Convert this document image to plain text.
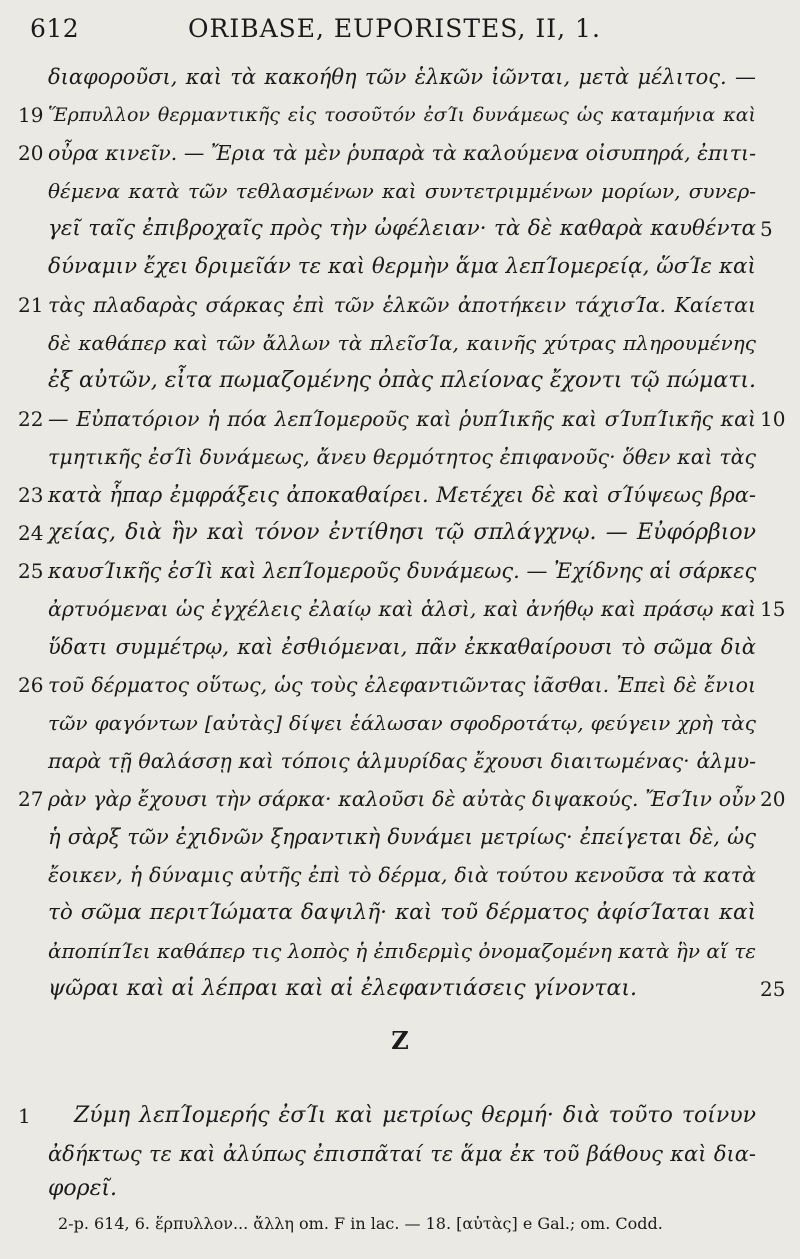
612	ORIBASE, EUPORISTES, II, 1.
διαφοροῦσι, καὶ τὰ κακοήθη τῶν ἑλκῶν ἰῶνται, μετὰ μέλιτος. —
19 Ἕρπυλλον θερμαντικῆς εἰς τοσοῦτόν ἐσΊι δυνάμεως ὡς καταμήνια καὶ
20 οὖρα κινεῖν. — Ἔρια τὰ μὲν ῥυπαρὰ τὰ καλούμενα οἰσυπηρά, ἐπιτι-
θέμενα κατὰ τῶν τεθλασμένων καὶ συντετριμμένων μορίων, συνερ-
γεῖ ταῖς ἐπιβροχαῖς πρὸς τὴν ὠφέλειαν· τὰ δὲ καθαρὰ καυθέντα 5
δύναμιν ἔχει δριμεῖάν τε καὶ θερμὴν ἅμα λεπΊομερείᾳ, ὥσΊε καὶ
21 τὰς πλαδαρὰς σάρκας ἐπὶ τῶν ἑλκῶν ἀποτήκειν τάχισΊα. Καίεται
δὲ καθάπερ καὶ τῶν ἄλλων τὰ πλεῖσΊα, καινῆς χύτρας πληρουμένης
ἐξ αὐτῶν, εἶτα πωμαζομένης ὀπὰς πλείονας ἔχοντι τῷ πώματι.
22 — Εὐπατόριον ἡ πόα λεπΊομεροῦς καὶ ῥυπΊικῆς καὶ σΊυπΊικῆς καὶ 10
τμητικῆς ἐσΊὶ δυνάμεως, ἄνευ θερμότητος ἐπιφανοῦς· ὅθεν καὶ τὰς
23 κατὰ ἧπαρ ἐμφράξεις ἀποκαθαίρει. Μετέχει δὲ καὶ σΊύψεως βρα-
24 χείας, διὰ ἣν καὶ τόνον ἐντίθησι τῷ σπλάγχνῳ. — Εὐφόρβιον
25 καυσΊικῆς ἐσΊὶ καὶ λεπΊομεροῦς δυνάμεως. — Ἐχίδνης αἱ σάρκες
ἀρτυόμεναι ὡς ἐγχέλεις ἐλαίῳ καὶ ἁλσὶ, καὶ ἀνήθῳ καὶ πράσῳ καὶ 15
ὕδατι συμμέτρῳ, καὶ ἐσθιόμεναι, πᾶν ἐκκαθαίρουσι τὸ σῶμα διὰ
26 τοῦ δέρματος οὕτως, ὡς τοὺς ἐλεφαντιῶντας ἰᾶσθαι. Ἐπεὶ δὲ ἔνιοι
τῶν φαγόντων [αὐτὰς] δίψει ἑάλωσαν σφοδροτάτῳ, φεύγειν χρὴ τὰς
παρὰ τῇ θαλάσσῃ καὶ τόποις ἁλμυρίδας ἔχουσι διαιτωμένας· ἁλμυ-
27 ρὰν γὰρ ἔχουσι τὴν σάρκα· καλοῦσι δὲ αὐτὰς διψακούς. ἜσΊιν οὖν 20
ἡ σὰρξ τῶν ἐχιδνῶν ξηραντικὴ δυνάμει μετρίως· ἐπείγεται δὲ, ὡς
ἔοικεν, ἡ δύναμις αὐτῆς ἐπὶ τὸ δέρμα, διὰ τούτου κενοῦσα τὰ κατὰ
τὸ σῶμα περιτΊώματα δαψιλῆ· καὶ τοῦ δέρματος ἀφίσΊαται καὶ
ἀποπίπΊει καθάπερ τις λοπὸς ἡ ἐπιδερμὶς ὀνομαζομένη κατὰ ἣν αἵ τε
ψῶραι καὶ αἱ λέπραι καὶ αἱ ἐλεφαντιάσεις γίνονται.	25
Z
1	Ζύμη λεπΊομερής ἐσΊι καὶ μετρίως θερμή· διὰ τοῦτο τοίνυν
ἀδήκτως τε καὶ ἀλύπως ἐπισπᾶταί τε ἅμα ἐκ τοῦ βάθους καὶ δια-
φορεῖ.
2-p. 614, 6. ἕρπυλλον... ἄλλη om. F in lac. — 18. [αὐτὰς] e Gal.; om. Codd.
